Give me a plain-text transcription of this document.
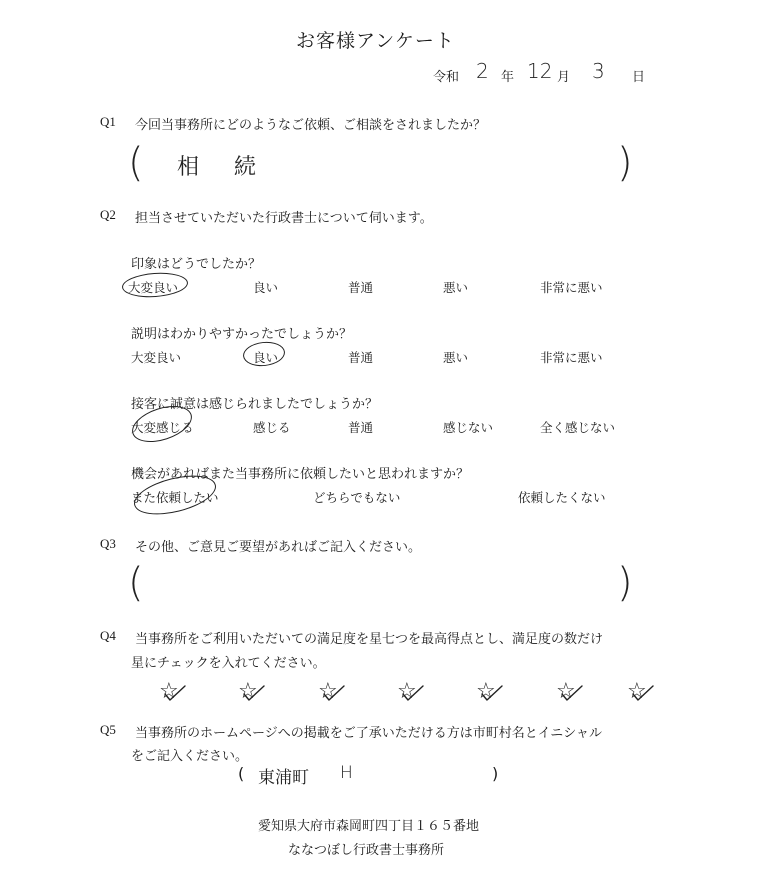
お客様アンケート
令和 2 年 12 月 3 日
Q1 今回当事務所にどのようなご依頼、ご相談をされましたか？
( 相 続	)
Q2 担当させていただいた行政書士について伺います。
印象はどうでしたか？
大変良い	良い	普通	悪い	非常に悪い
説明はわかりやすかったでしょうか？
大変良い	良い	普通	悪い	非常に悪い
接客に誠意は感じられましたでしょうか？
大変感じる	感じる	普通	感じない	全く感じない
機会があればまた当事務所に依頼したいと思われますか？
また依頼したい	どちらでもない	依頼したくない
Q3 その他、ご意見ご要望があればご記入ください。
(	)
Q4 当事務所をご利用いただいての満足度を星七つを最高得点とし、満足度の数だけ
星にチェックを入れてください。
☆	☆	☆	☆	☆	☆ ☆
Q5 当事務所のホームページへの掲載をご了承いただける方は市町村名とイニシャル
をご記入ください。
( 東浦町 H	)
愛知県大府市森岡町四丁目１６５番地
ななつぼし行政書士事務所
